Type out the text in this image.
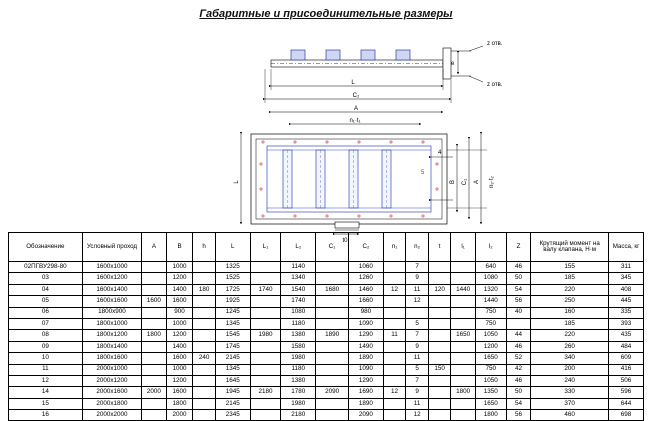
Габаритные и присоединительные размеры
z отв.
z отв.
e
L
C₂
A
n₁·t₁
t0
5
4
L	B C₁ A n₂·t₂
Обозначение	Условный проход	A	B	h	L	L₁	L₂	C₁	C₂	n₁	n₂	t	l₁	l₂	Z	Крутящий момент на валу клапана, Н·м	Масса, кг
02ПГВУ298-80	1600x1000		1000		1325		1140		1060		7			640	46	155	311
03	1600x1200		1200		1525		1340		1260		9			1080	50	185	345
04	1600x1400		1400	180	1725	1740	1540	1680	1460	12	11	120	1440	1320	54	220	408
05	1600x1600	1600	1600		1925		1740		1660		12			1440	56	250	445
06	1800x900		900		1245		1080		980					750	40	160	335
07	1800x1000		1000		1345		1180		1090		5			750		185	393
08	1800x1200	1800	1200		1545	1980	1380	1890	1290	11	7		1650	1050	44	220	435
09	1800x1400		1400		1745		1580		1490		9			1200	46	260	484
10	1800x1600		1600	240	2145		1980		1890		11			1650	52	340	609
11	2000x1000		1000		1345		1180		1090		5	150		750	42	200	416
12	2000x1200		1200		1645		1380		1290		7			1050	46	240	506
14	2000x1600	2000	1600		1945	2180	1780	2090	1690	12	9		1800	1350	50	330	596
15	2000x1800		1800		2145		1980		1890		11			1650	54	370	644
16	2000x2000		2000		2345		2180		2090		12			1800	56	460	698
